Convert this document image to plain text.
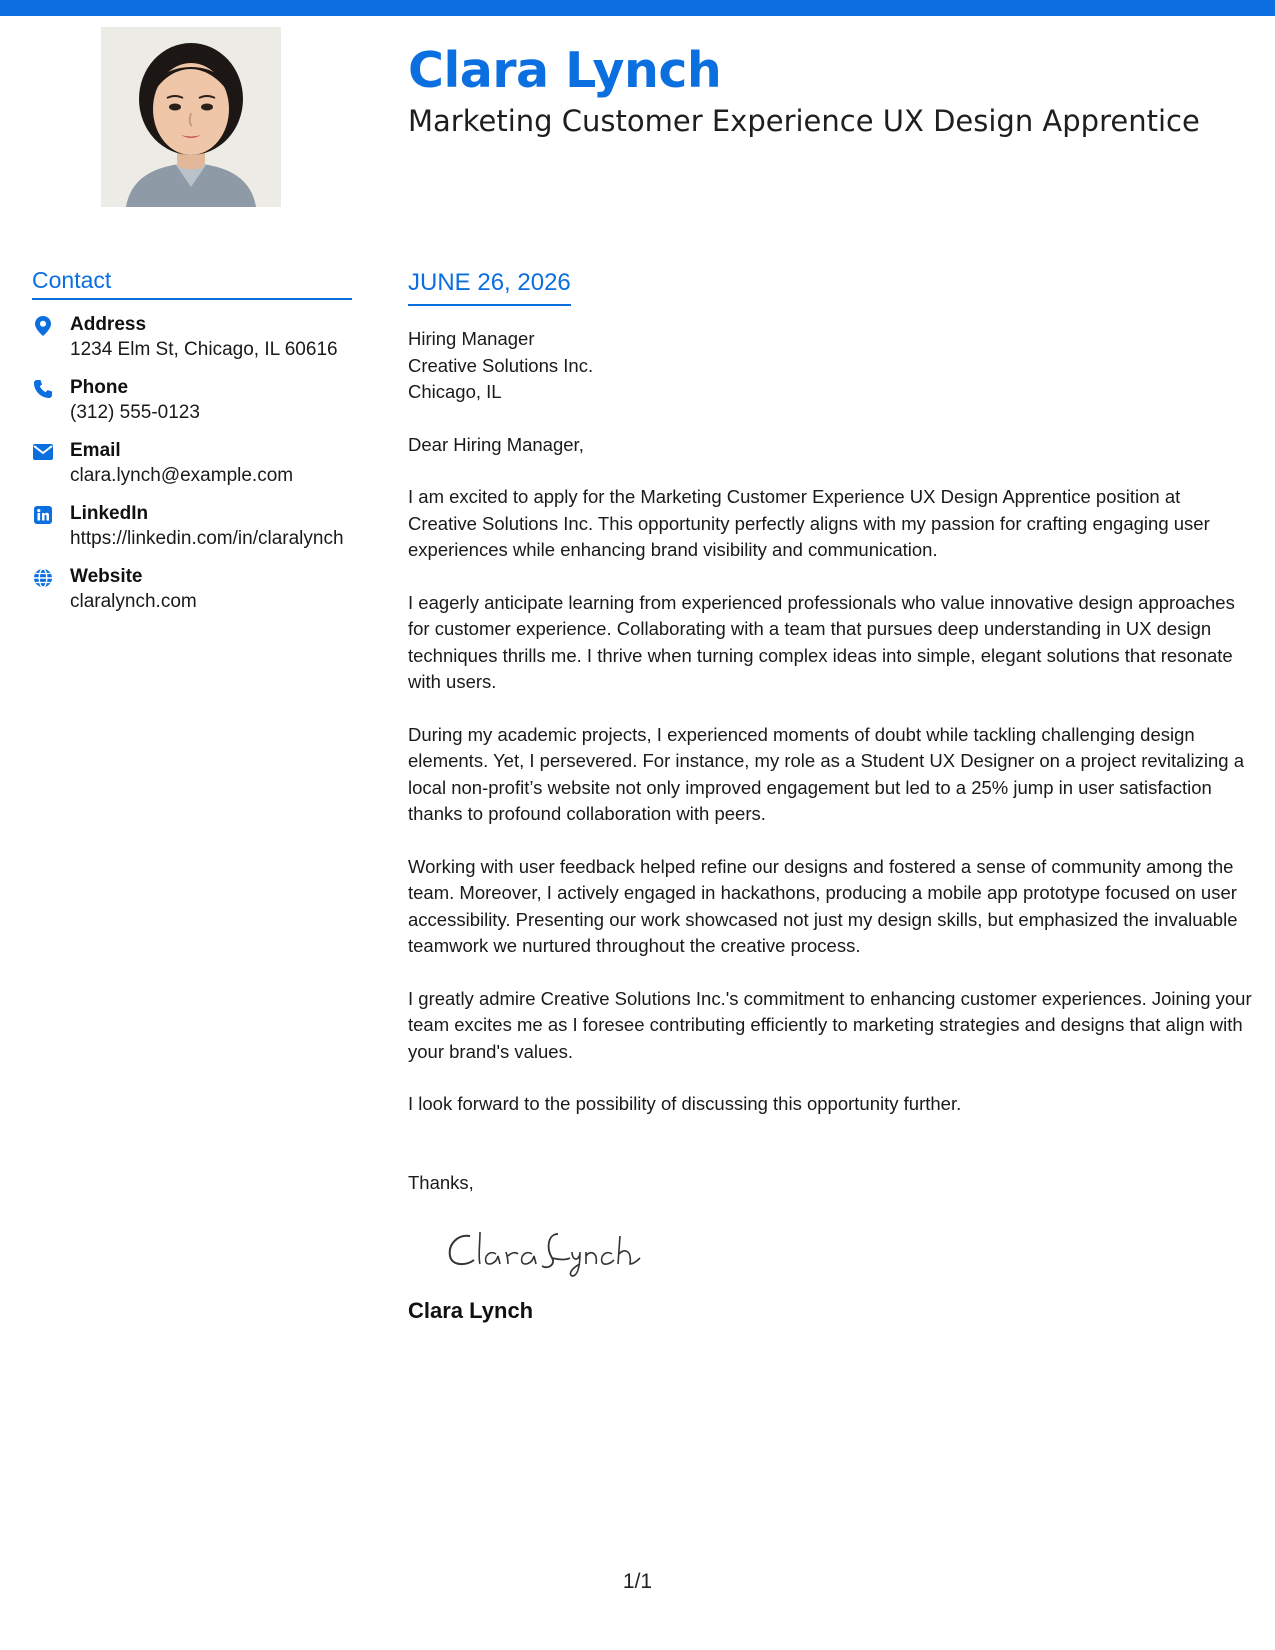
Clara Lynch
Marketing Customer Experience UX Design Apprentice
Contact
Address
1234 Elm St, Chicago, IL 60616
Phone
(312) 555-0123
Email
clara.lynch@example.com
LinkedIn
https://linkedin.com/in/claralynch
Website
claralynch.com
JUNE 26, 2026
Hiring Manager
Creative Solutions Inc.
Chicago, IL
Dear Hiring Manager,
I am excited to apply for the Marketing Customer Experience UX Design Apprentice position at Creative Solutions Inc. This opportunity perfectly aligns with my passion for crafting engaging user experiences while enhancing brand visibility and communication.
I eagerly anticipate learning from experienced professionals who value innovative design approaches for customer experience. Collaborating with a team that pursues deep understanding in UX design techniques thrills me. I thrive when turning complex ideas into simple, elegant solutions that resonate with users.
During my academic projects, I experienced moments of doubt while tackling challenging design elements. Yet, I persevered. For instance, my role as a Student UX Designer on a project revitalizing a local non-profit’s website not only improved engagement but led to a 25% jump in user satisfaction thanks to profound collaboration with peers.
Working with user feedback helped refine our designs and fostered a sense of community among the team. Moreover, I actively engaged in hackathons, producing a mobile app prototype focused on user accessibility. Presenting our work showcased not just my design skills, but emphasized the invaluable teamwork we nurtured throughout the creative process.
I greatly admire Creative Solutions Inc.'s commitment to enhancing customer experiences. Joining your team excites me as I foresee contributing efficiently to marketing strategies and designs that align with your brand's values.
I look forward to the possibility of discussing this opportunity further.
Thanks,
Clara Lynch
Clara Lynch
1/1
